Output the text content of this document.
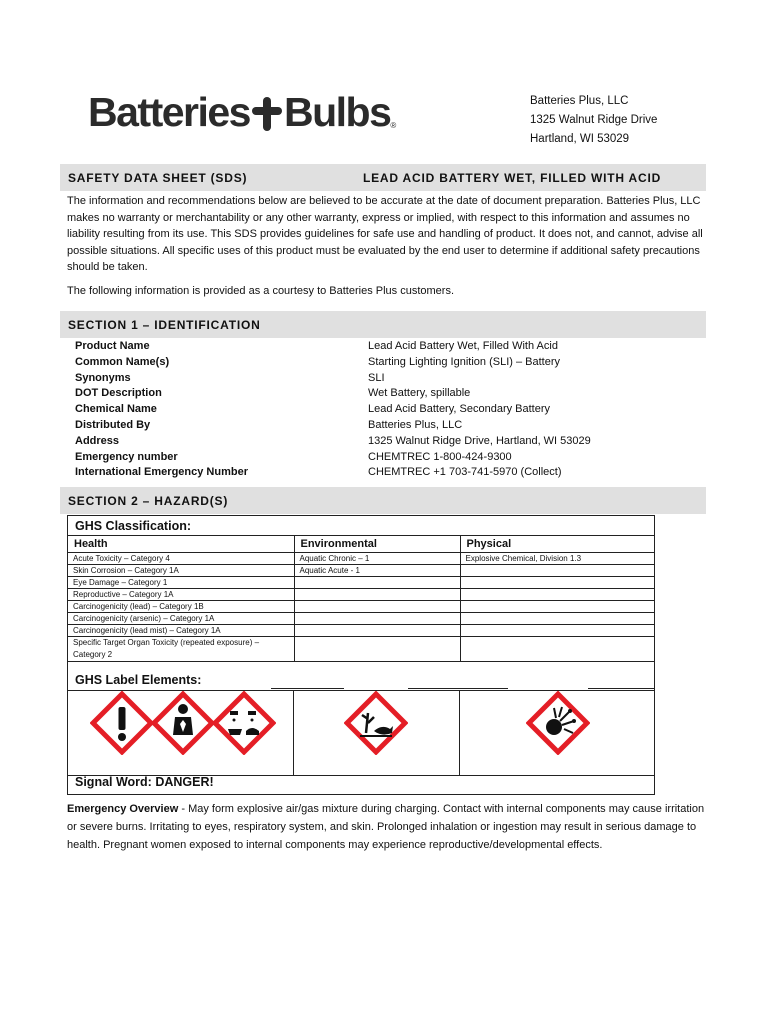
Batteries Bulbs ®
Batteries Plus, LLC
1325 Walnut Ridge Drive
Hartland, WI 53029
SAFETY DATA SHEET (SDS)	LEAD ACID BATTERY WET, FILLED WITH ACID
The information and recommendations below are believed to be accurate at the date of document preparation. Batteries Plus, LLC makes no warranty or merchantability or any other warranty, express or implied, with respect to this information and assumes no liability resulting from its use. This SDS provides guidelines for safe use and handling of product. It does not, and cannot, advise all possible situations. All specific uses of this product must be evaluated by the end user to determine if additional safety precautions should be taken.
The following information is provided as a courtesy to Batteries Plus customers.
SECTION 1 – IDENTIFICATION
Product Name	Lead Acid Battery Wet, Filled With Acid
Common Name(s)	Starting Lighting Ignition (SLI) – Battery
Synonyms	SLI
DOT Description	Wet Battery, spillable
Chemical Name	Lead Acid Battery, Secondary Battery
Distributed By	Batteries Plus, LLC
Address	1325 Walnut Ridge Drive, Hartland, WI 53029
Emergency number	CHEMTREC 1-800-424-9300
International Emergency Number	CHEMTREC +1 703-741-5970 (Collect)
SECTION 2 – HAZARD(S)
GHS Classification:
Health	Environmental	Physical
Acute Toxicity – Category 4	Aquatic Chronic – 1	Explosive Chemical, Division 1.3
Skin Corrosion – Category 1A	Aquatic Acute - 1	
Eye Damage – Category 1		
Reproductive – Category 1A		
Carcinogenicity (lead) – Category 1B		
Carcinogenicity (arsenic) – Category 1A		
Carcinogenicity (lead mist) – Category 1A		
Specific Target Organ Toxicity (repeated exposure) – Category 2		
GHS Label Elements:
Signal Word: DANGER!
Emergency Overview - May form explosive air/gas mixture during charging. Contact with internal components may cause irritation or severe burns. Irritating to eyes, respiratory system, and skin. Prolonged inhalation or ingestion may result in serious damage to health. Pregnant women exposed to internal components may experience reproductive/developmental effects.
